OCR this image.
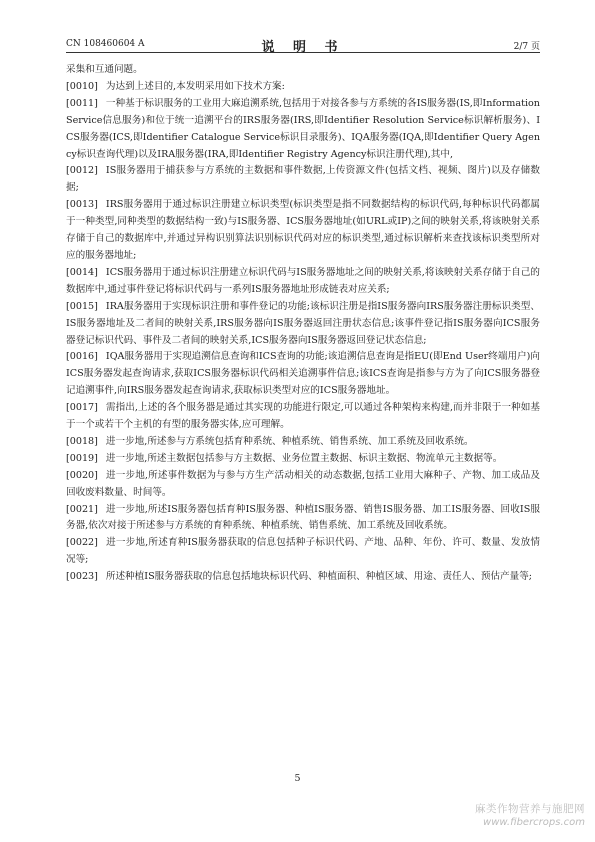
CN 108460604 A	说 明 书	2/7 页

采集和互通问题。

[0010] 为达到上述目的,本发明采用如下技术方案:

[0011] 一种基于标识服务的工业用大麻追溯系统,包括用于对接各参与方系统的各IS服务器(IS,即Information Service信息服务)和位于统一追溯平台的IRS服务器(IRS,即Identifier Resolution Service标识解析服务)、ICS服务器(ICS,即Identifier Catalogue Service标识目录服务)、IQA服务器(IQA,即Identifier Query Agency标识查询代理)以及IRA服务器(IRA,即Identifier Registry Agency标识注册代理),其中,

[0012] IS服务器用于捕获参与方系统的主数据和事件数据,上传资源文件(包括文档、视频、图片)以及存储数据;

[0013] IRS服务器用于通过标识注册建立标识类型(标识类型是指不同数据结构的标识代码,每种标识代码都属于一种类型,同种类型的数据结构一致)与IS服务器、ICS服务器地址(如URL或IP)之间的映射关系,将该映射关系存储于自己的数据库中,并通过异构识别算法识别标识代码对应的标识类型,通过标识解析来查找该标识类型所对应的服务器地址;

[0014] ICS服务器用于通过标识注册建立标识代码与IS服务器地址之间的映射关系,将该映射关系存储于自己的数据库中,通过事件登记将标识代码与一系列IS服务器地址形成链表对应关系;

[0015] IRA服务器用于实现标识注册和事件登记的功能;该标识注册是指IS服务器向IRS服务器注册标识类型、IS服务器地址及二者间的映射关系,IRS服务器向IS服务器返回注册状态信息;该事件登记指IS服务器向ICS服务器登记标识代码、事件及二者间的映射关系,ICS服务器向IS服务器返回登记状态信息;

[0016] IQA服务器用于实现追溯信息查询和ICS查询的功能;该追溯信息查询是指EU(即End User终端用户)向ICS服务器发起查询请求,获取ICS服务器标识代码相关追溯事件信息;该ICS查询是指参与方为了向ICS服务器登记追溯事件,向IRS服务器发起查询请求,获取标识类型对应的ICS服务器地址。

[0017] 需指出,上述的各个服务器是通过其实现的功能进行限定,可以通过各种架构来构建,而并非限于一种如基于一个或若干个主机的有型的服务器实体,应可理解。

[0018] 进一步地,所述参与方系统包括育种系统、种植系统、销售系统、加工系统及回收系统。

[0019] 进一步地,所述主数据包括参与方主数据、业务位置主数据、标识主数据、物流单元主数据等。

[0020] 进一步地,所述事件数据为与参与方生产活动相关的动态数据,包括工业用大麻种子、产物、加工成品及回收废料数量、时间等。

[0021] 进一步地,所述IS服务器包括育种IS服务器、种植IS服务器、销售IS服务器、加工IS服务器、回收IS服务器,依次对接于所述参与方系统的育种系统、种植系统、销售系统、加工系统及回收系统。

[0022] 进一步地,所述育种IS服务器获取的信息包括种子标识代码、产地、品种、年份、许可、数量、发放情况等;

[0023] 所述种植IS服务器获取的信息包括地块标识代码、种植面积、种植区域、用途、责任人、预估产量等;

5
麻类作物营养与施肥网
www.fibercrops.com
